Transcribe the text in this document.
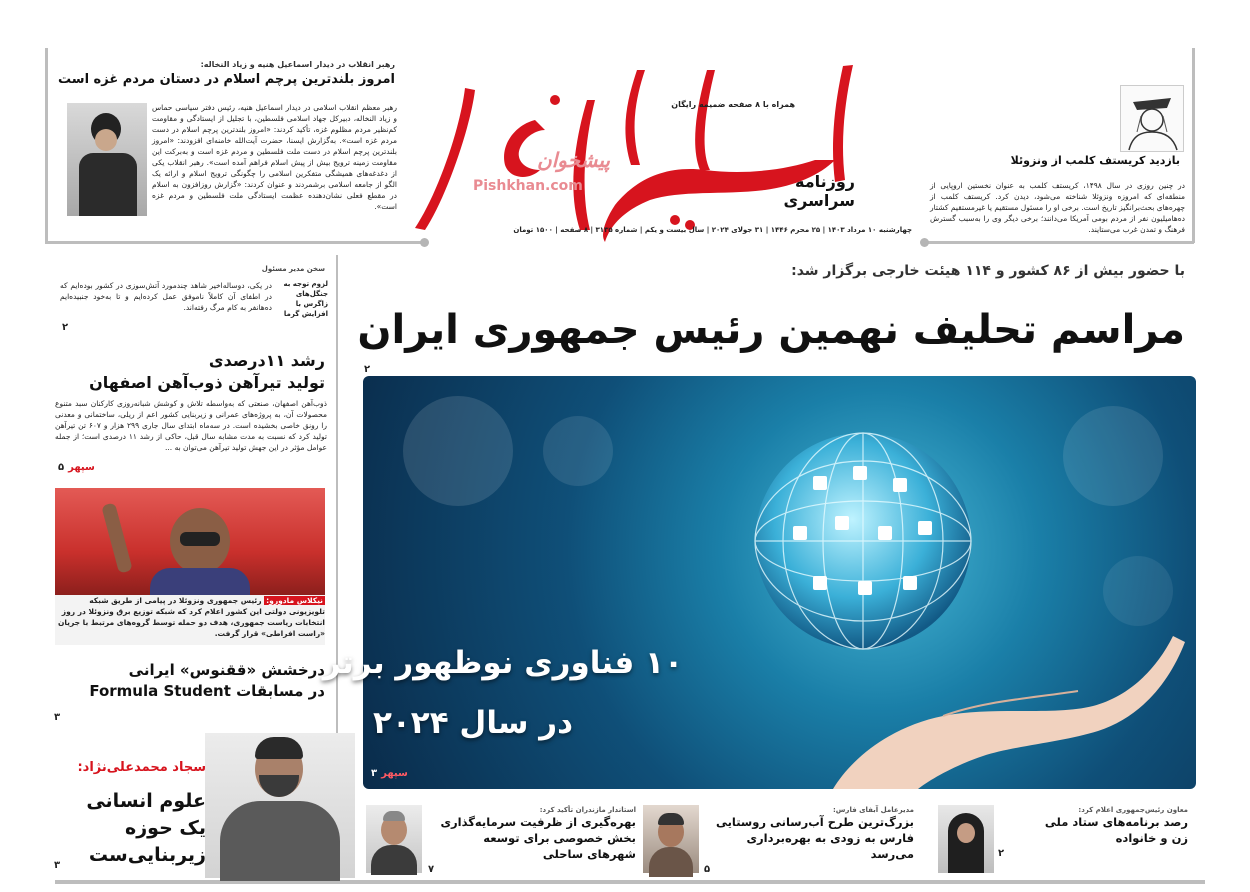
رهبر انقلاب در دیدار اسماعیل هنیه و زیاد النخاله:
امروز بلندترین پرچم اسلام در دستان مردم غزه است
رهبر معظم انقلاب اسلامی در دیدار اسماعیل هنیه، رئیس دفتر سیاسی حماس و زیاد النخاله، دبیرکل جهاد اسلامی فلسطین، با تجلیل از ایستادگی و مقاومت کم‌نظیر مردم مظلوم غزه، تأکید کردند: «امروز بلندترین پرچم اسلام در دست مردم غزه است». به‌گزارش ایسنا، حضرت آیت‌الله خامنه‌ای افزودند: «امروز بلندترین پرچم اسلام در دست ملت فلسطین و مردم غزه است و به‌برکت این مقاومت زمینه ترویج بیش از پیش اسلام فراهم آمده است». رهبر انقلاب یکی از دغدغه‌های همیشگی متفکرین اسلامی را چگونگی ترویج اسلام و ارائه یک الگو از جامعه اسلامی برشمردند و عنوان کردند: «گزارش روزافزون به اسلام در مقطع فعلی نشان‌دهنده عظمت ایستادگی ملت فلسطین و مردم غزه است».
پیشخوان
Pishkhan.com
همراه با ۸ صفحه ضمیمه رایگان
روزنامه سراسری
چهارشنبه ۱۰ مرداد ۱۴۰۳ | ۲۵ محرم ۱۴۴۶ | ۳۱ جولای ۲۰۲۴ | سال بیست و یکم | شماره ۳۱۳۵ | ۸ صفحه | ۱۵۰۰ تومان
بازدید کریستف کلمب از ونزوئلا
در چنین روزی در سال ۱۴۹۸، کریستف کلمب به عنوان نخستین اروپایی از منطقه‌ای که امروزه ونزوئلا شناخته می‌شود، دیدن کرد. کریستف کلمب از چهره‌های بحث‌برانگیز تاریخ است. برخی او را مسئول مستقیم یا غیرمستقیم کشتار ده‌هامیلیون نفر از مردم بومی آمریکا می‌دانند؛ برخی دیگر وی را به‌سبب گسترش فرهنگ و تمدن غرب می‌ستایند.
با حضور بیش از ۸۶ کشور و ۱۱۴ هیئت خارجی برگزار شد:
مراسم تحلیف نهمین رئیس جمهوری ایران
۲
۱۰ فناوری نوظهور برتر
در سال ۲۰۲۴
۳ سپهر
سخن مدیر مسئول
لزوم توجه به جنگل‌های زاگرس با افزایش گرما
در یکی، دوساله‌اخیر شاهد چندمورد آتش‌سوزی در کشور بوده‌ایم که در اطفای آن کاملاً ناموفق عمل کرده‌ایم و تا به‌خود جنبیده‌ایم ده‌هانفر به کام مرگ رفته‌اند.
۲
رشد ۱۱درصدی
تولید تیرآهن ذوب‌آهن اصفهان
ذوب‌آهن اصفهان، صنعتی که به‌واسطه تلاش و کوشش شبانه‌روزی کارکنان سبد متنوع محصولات آن، به پروژه‌های عمرانی و زیربنایی کشور اعم از ریلی، ساختمانی و معدنی را رونق خاصی بخشیده است. در سه‌ماه ابتدای سال جاری ۲۹۹ هزار و ۶۰۷ تن تیرآهن تولید کرد که نسبت به مدت مشابه سال قبل، حاکی از رشد ۱۱ درصدی است؛ از جمله عوامل مؤثر در این جهش تولید تیرآهن می‌توان به ...
۵ سپهر
نیکلاس مادورو: رئیس جمهوری ونزوئلا در پیامی از طریق شبکه تلویزیونی دولتی این کشور اعلام کرد که شبکه توزیع برق ونزوئلا در روز انتخابات ریاست جمهوری، هدف دو حمله توسط گروه‌های مرتبط با جریان «راست افراطی» قرار گرفت.
درخشش «ققنوس» ایرانی
در مسابقات Formula Student
۳
سجاد محمدعلی‌نژاد:
علوم انسانی
یک حوزه
زیربنایی‌ست
۳
معاون رئیس‌جمهوری اعلام کرد:
رصد برنامه‌های ستاد ملی زن و خانواده
۲
مدیرعامل آبفای فارس:
بزرگ‌ترین طرح آب‌رسانی روستایی فارس به زودی به بهره‌برداری می‌رسد
۵
استاندار مازندران تأکید کرد:
بهره‌گیری از ظرفیت سرمایه‌گذاری بخش خصوصی برای توسعه شهرهای ساحلی
۷
